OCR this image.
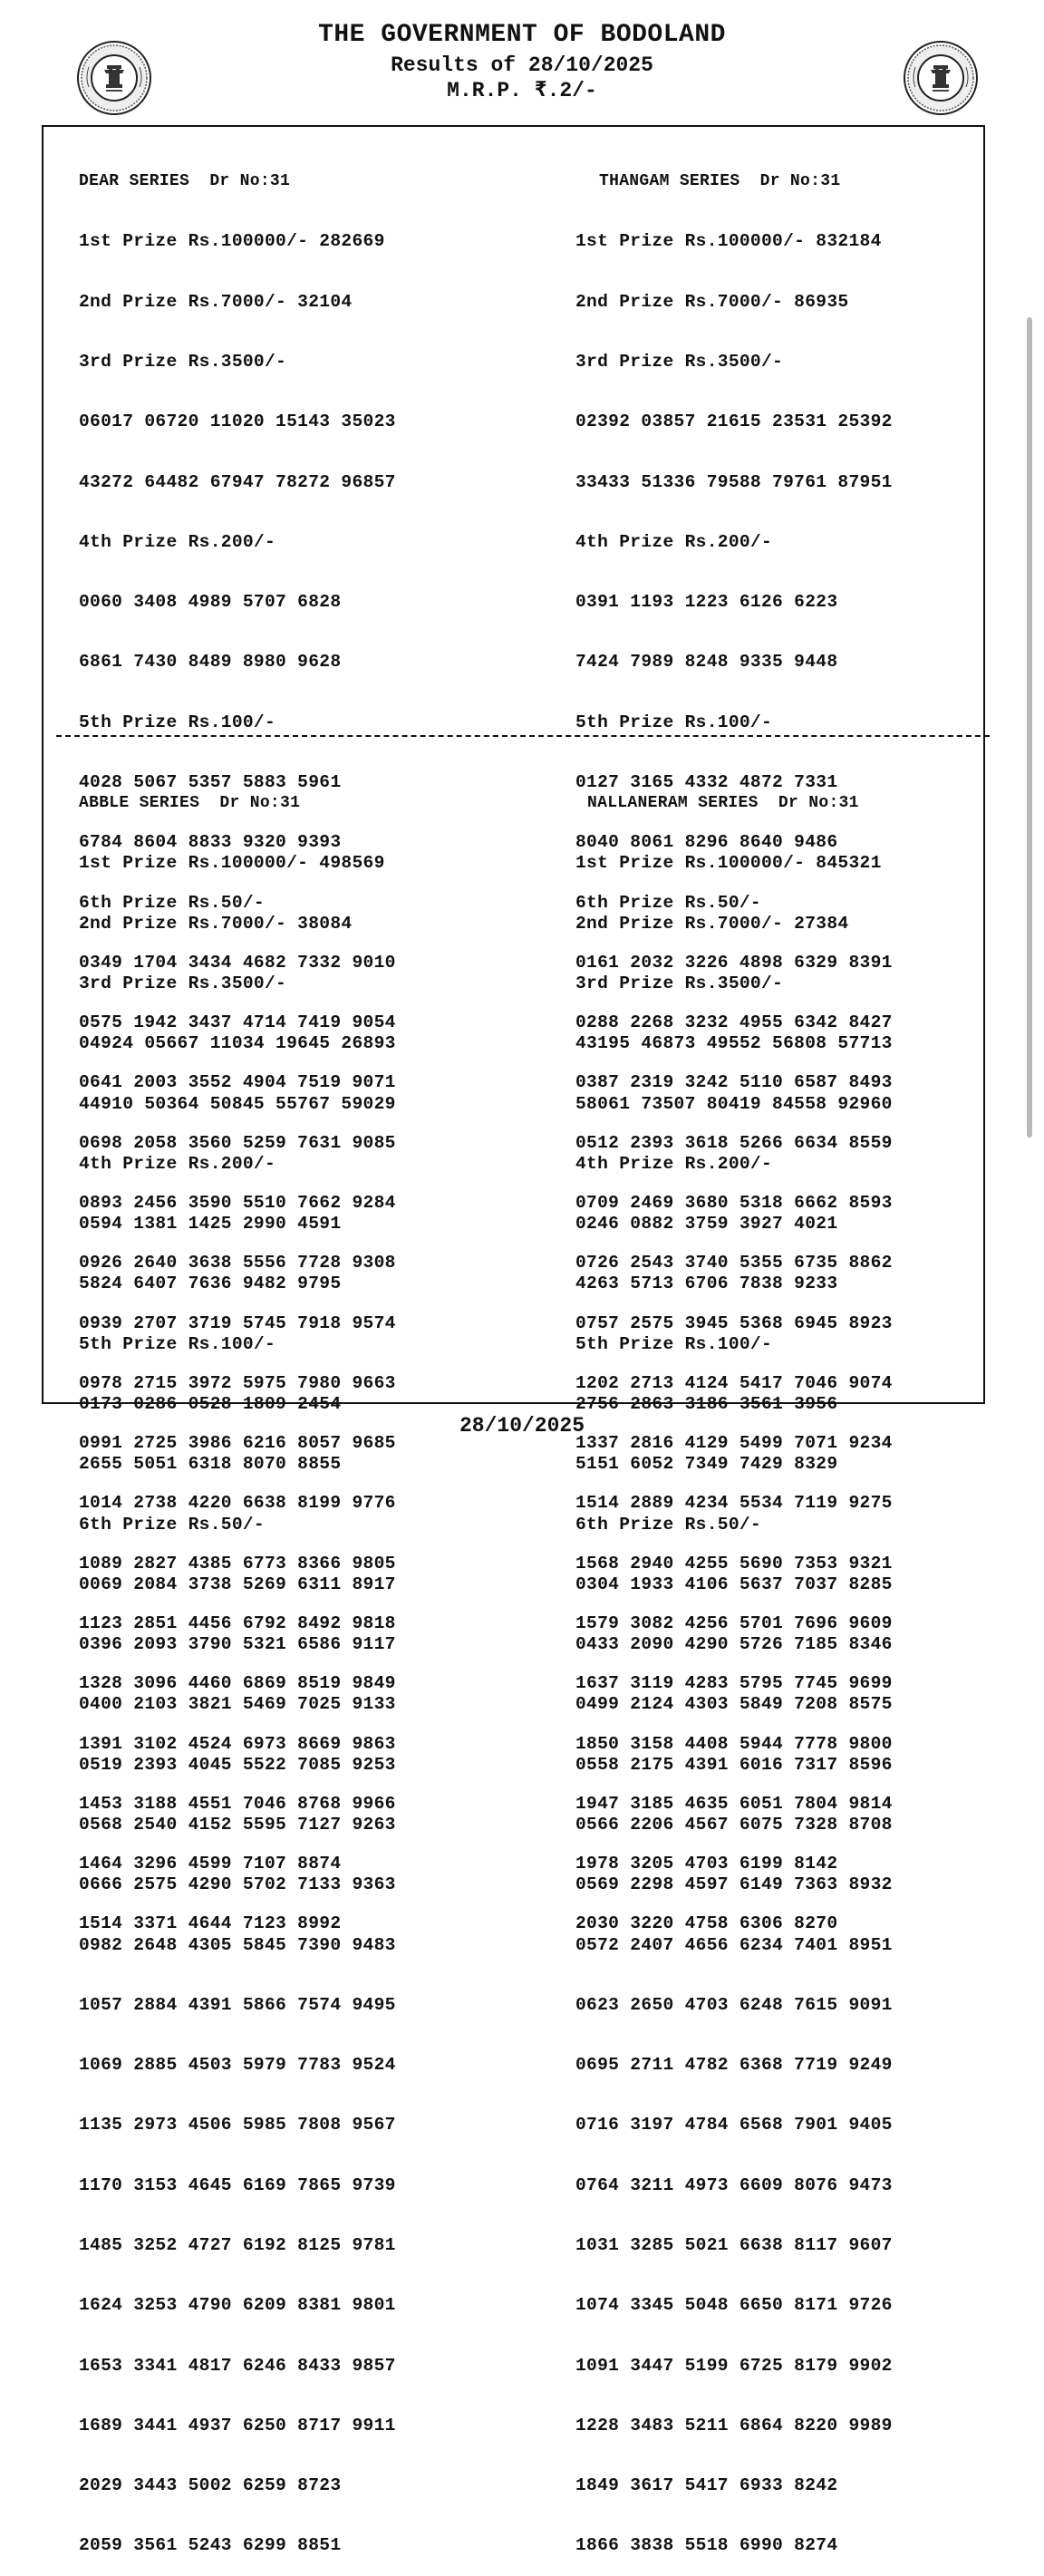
THE GOVERNMENT OF BODOLAND
Results of 28/10/2025
M.R.P. ₹.2/-

DEAR SERIES  Dr No:31

1st Prize Rs.100000/- 282669

2nd Prize Rs.7000/- 32104

3rd Prize Rs.3500/-

06017 06720 11020 15143 35023

43272 64482 67947 78272 96857

4th Prize Rs.200/-

0060 3408 4989 5707 6828

6861 7430 8489 8980 9628

5th Prize Rs.100/-

4028 5067 5357 5883 5961

6784 8604 8833 9320 9393

6th Prize Rs.50/-

0349 1704 3434 4682 7332 9010

0575 1942 3437 4714 7419 9054

0641 2003 3552 4904 7519 9071

0698 2058 3560 5259 7631 9085

0893 2456 3590 5510 7662 9284

0926 2640 3638 5556 7728 9308

0939 2707 3719 5745 7918 9574

0978 2715 3972 5975 7980 9663

0991 2725 3986 6216 8057 9685

1014 2738 4220 6638 8199 9776

1089 2827 4385 6773 8366 9805

1123 2851 4456 6792 8492 9818

1328 3096 4460 6869 8519 9849

1391 3102 4524 6973 8669 9863

1453 3188 4551 7046 8768 9966

1464 3296 4599 7107 8874

1514 3371 4644 7123 8992

THANGAM SERIES  Dr No:31

1st Prize Rs.100000/- 832184

2nd Prize Rs.7000/- 86935

3rd Prize Rs.3500/-

02392 03857 21615 23531 25392

33433 51336 79588 79761 87951

4th Prize Rs.200/-

0391 1193 1223 6126 6223

7424 7989 8248 9335 9448

5th Prize Rs.100/-

0127 3165 4332 4872 7331

8040 8061 8296 8640 9486

6th Prize Rs.50/-

0161 2032 3226 4898 6329 8391

0288 2268 3232 4955 6342 8427

0387 2319 3242 5110 6587 8493

0512 2393 3618 5266 6634 8559

0709 2469 3680 5318 6662 8593

0726 2543 3740 5355 6735 8862

0757 2575 3945 5368 6945 8923

1202 2713 4124 5417 7046 9074

1337 2816 4129 5499 7071 9234

1514 2889 4234 5534 7119 9275

1568 2940 4255 5690 7353 9321

1579 3082 4256 5701 7696 9609

1637 3119 4283 5795 7745 9699

1850 3158 4408 5944 7778 9800

1947 3185 4635 6051 7804 9814

1978 3205 4703 6199 8142

2030 3220 4758 6306 8270

ABBLE SERIES  Dr No:31

1st Prize Rs.100000/- 498569

2nd Prize Rs.7000/- 38084

3rd Prize Rs.3500/-

04924 05667 11034 19645 26893

44910 50364 50845 55767 59029

4th Prize Rs.200/-

0594 1381 1425 2990 4591

5824 6407 7636 9482 9795

5th Prize Rs.100/-

0173 0286 0528 1809 2454

2655 5051 6318 8070 8855

6th Prize Rs.50/-

0069 2084 3738 5269 6311 8917

0396 2093 3790 5321 6586 9117

0400 2103 3821 5469 7025 9133

0519 2393 4045 5522 7085 9253

0568 2540 4152 5595 7127 9263

0666 2575 4290 5702 7133 9363

0982 2648 4305 5845 7390 9483

1057 2884 4391 5866 7574 9495

1069 2885 4503 5979 7783 9524

1135 2973 4506 5985 7808 9567

1170 3153 4645 6169 7865 9739

1485 3252 4727 6192 8125 9781

1624 3253 4790 6209 8381 9801

1653 3341 4817 6246 8433 9857

1689 3441 4937 6250 8717 9911

2029 3443 5002 6259 8723

2059 3561 5243 6299 8851

NALLANERAM SERIES  Dr No:31

1st Prize Rs.100000/- 845321

2nd Prize Rs.7000/- 27384

3rd Prize Rs.3500/-

43195 46873 49552 56808 57713

58061 73507 80419 84558 92960

4th Prize Rs.200/-

0246 0882 3759 3927 4021

4263 5713 6706 7838 9233

5th Prize Rs.100/-

2756 2863 3186 3561 3956

5151 6052 7349 7429 8329

6th Prize Rs.50/-

0304 1933 4106 5637 7037 8285

0433 2090 4290 5726 7185 8346

0499 2124 4303 5849 7208 8575

0558 2175 4391 6016 7317 8596

0566 2206 4567 6075 7328 8708

0569 2298 4597 6149 7363 8932

0572 2407 4656 6234 7401 8951

0623 2650 4703 6248 7615 9091

0695 2711 4782 6368 7719 9249

0716 3197 4784 6568 7901 9405

0764 3211 4973 6609 8076 9473

1031 3285 5021 6638 8117 9607

1074 3345 5048 6650 8171 9726

1091 3447 5199 6725 8179 9902

1228 3483 5211 6864 8220 9989

1849 3617 5417 6933 8242

1866 3838 5518 6990 8274

28/10/2025
